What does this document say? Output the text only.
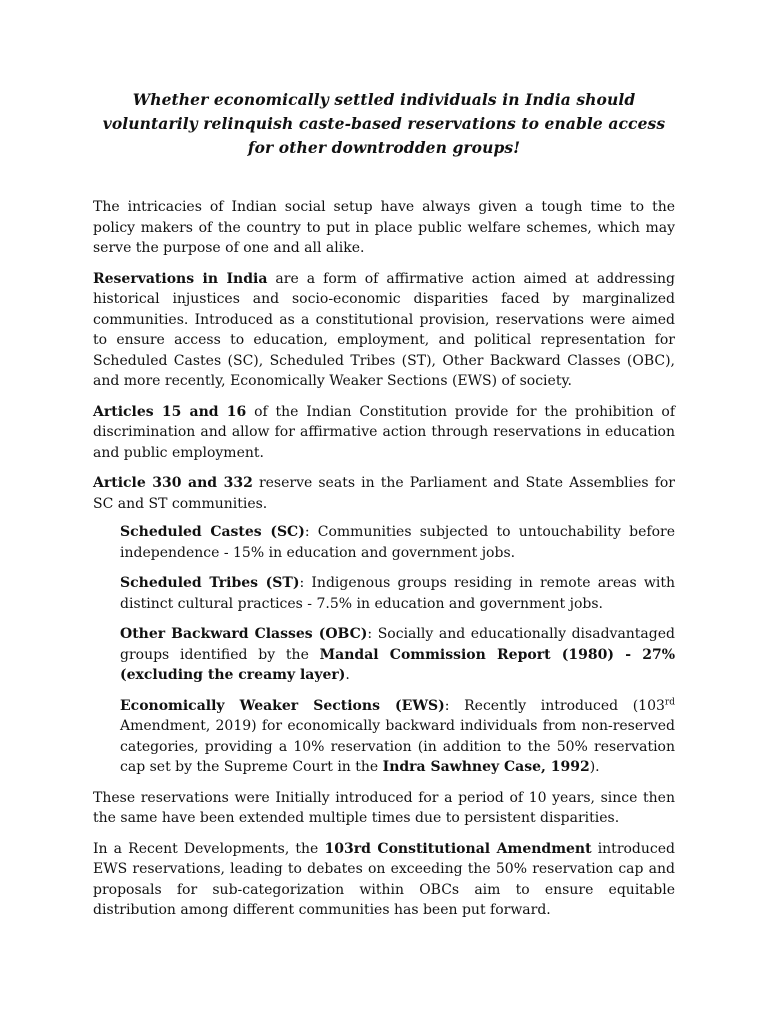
Whether economically settled individuals in India should voluntarily relinquish caste-based reservations to enable access for other downtrodden groups!

The intricacies of Indian social setup have always given a tough time to the policy makers of the country to put in place public welfare schemes, which may serve the purpose of one and all alike.

Reservations in India are a form of affirmative action aimed at addressing historical injustices and socio-economic disparities faced by marginalized communities. Introduced as a constitutional provision, reservations were aimed to ensure access to education, employment, and political representation for Scheduled Castes (SC), Scheduled Tribes (ST), Other Backward Classes (OBC), and more recently, Economically Weaker Sections (EWS) of society.

Articles 15 and 16 of the Indian Constitution provide for the prohibition of discrimination and allow for affirmative action through reservations in education and public employment.

Article 330 and 332 reserve seats in the Parliament and State Assemblies for SC and ST communities.

Scheduled Castes (SC): Communities subjected to untouchability before independence - 15% in education and government jobs.

Scheduled Tribes (ST): Indigenous groups residing in remote areas with distinct cultural practices - 7.5% in education and government jobs.

Other Backward Classes (OBC): Socially and educationally disadvantaged groups identified by the Mandal Commission Report (1980) - 27% (excluding the creamy layer).

Economically Weaker Sections (EWS): Recently introduced (103rd Amendment, 2019) for economically backward individuals from non-reserved categories, providing a 10% reservation (in addition to the 50% reservation cap set by the Supreme Court in the Indra Sawhney Case, 1992).

These reservations were Initially introduced for a period of 10 years, since then the same have been extended multiple times due to persistent disparities.

In a Recent Developments, the 103rd Constitutional Amendment introduced EWS reservations, leading to debates on exceeding the 50% reservation cap and proposals for sub-categorization within OBCs aim to ensure equitable distribution among different communities has been put forward.
